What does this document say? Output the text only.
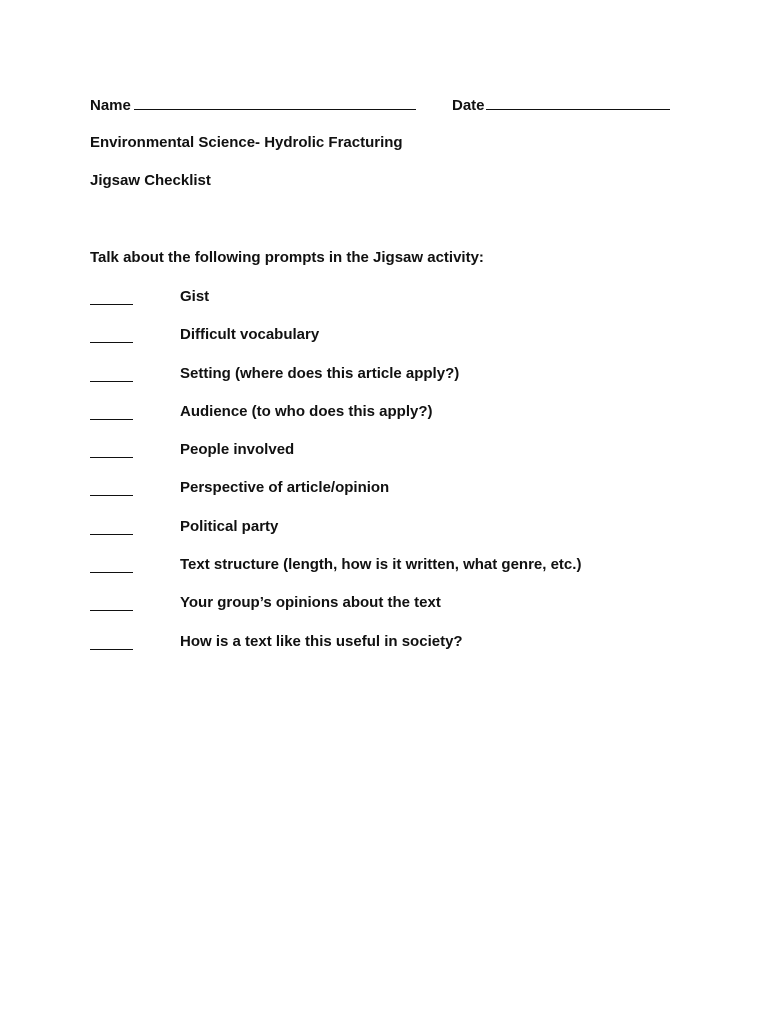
Name	Date
Environmental Science- Hydrolic Fracturing
Jigsaw Checklist
Talk about the following prompts in the Jigsaw activity:
Gist
Difficult vocabulary
Setting (where does this article apply?)
Audience (to who does this apply?)
People involved
Perspective of article/opinion
Political party
Text structure (length, how is it written, what genre, etc.)
Your group’s opinions about the text
How is a text like this useful in society?
